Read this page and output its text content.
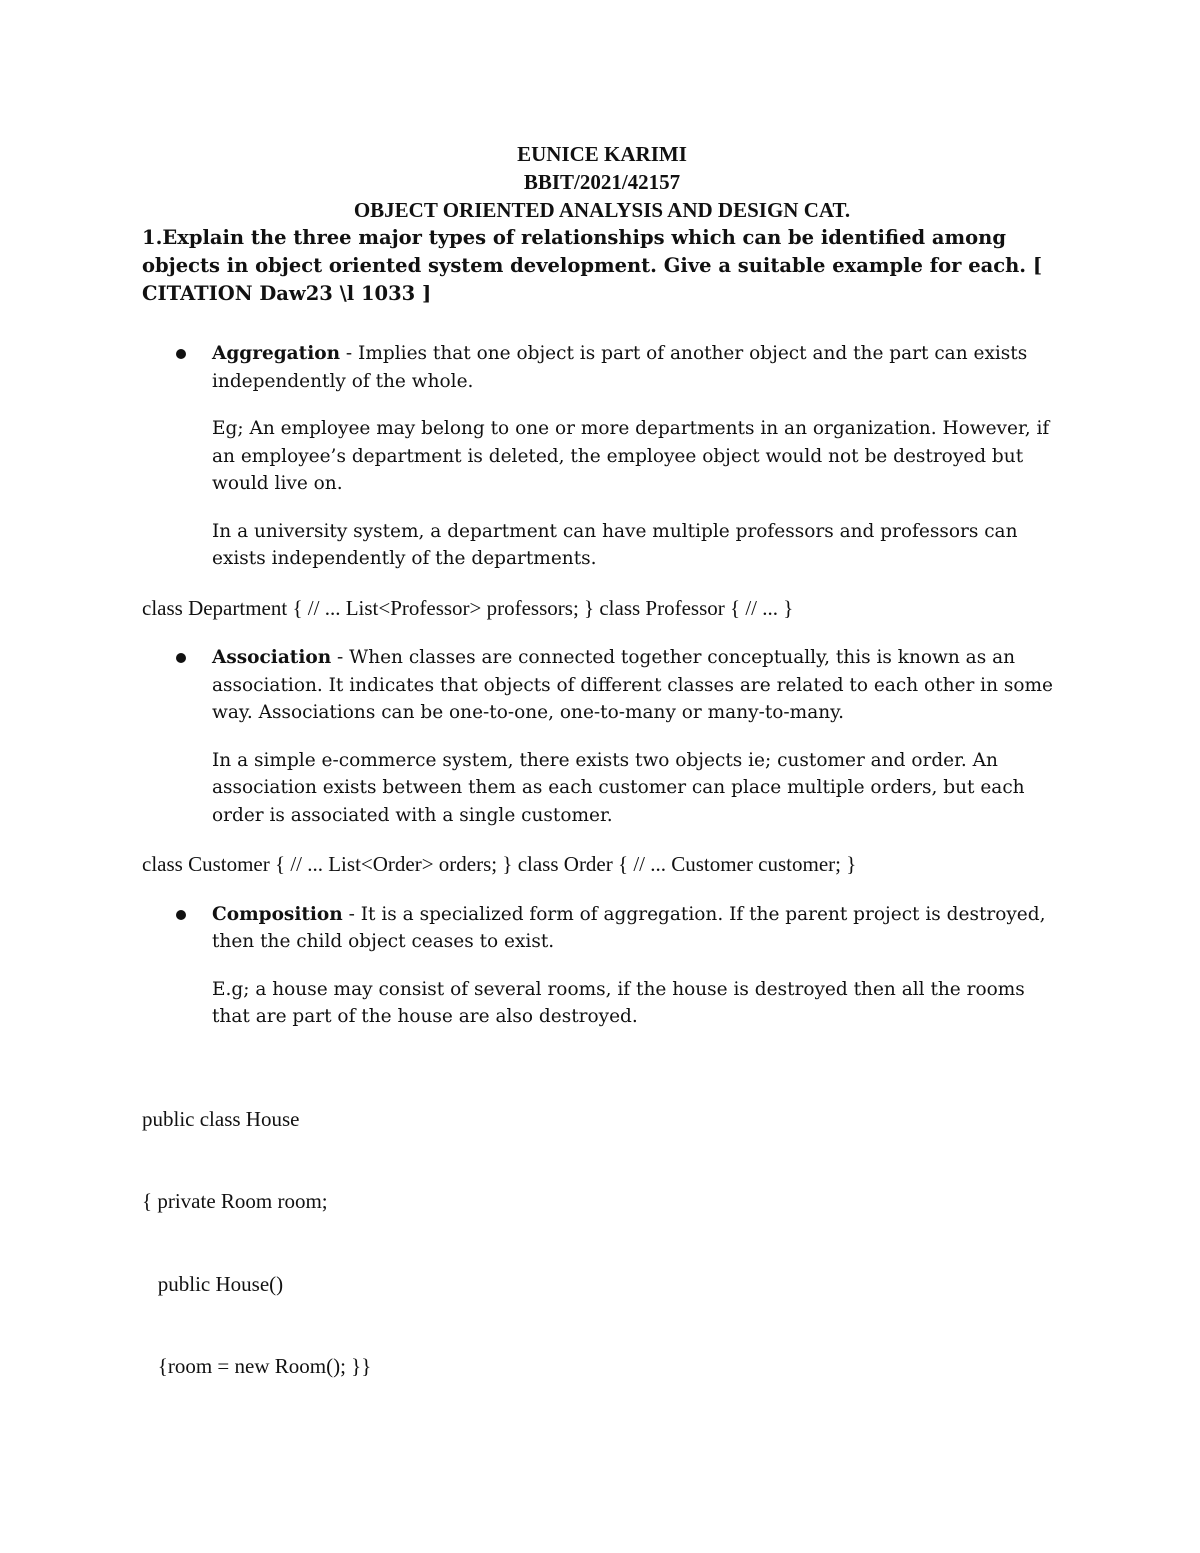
EUNICE KARIMI
BBIT/2021/42157
OBJECT ORIENTED ANALYSIS AND DESIGN CAT.

1.Explain the three major types of relationships which can be identified among objects in object oriented system development. Give a suitable example for each. [ CITATION Daw23 \l 1033 ]

Aggregation - Implies that one object is part of another object and the part can exists independently of the whole.

Eg; An employee may belong to one or more departments in an organization. However, if an employee’s department is deleted, the employee object would not be destroyed but would live on.

In a university system, a department can have multiple professors and professors can exists independently of the departments.

class Department { // ... List<Professor> professors; } class Professor { // ... }

Association - When classes are connected together conceptually, this is known as an association. It indicates that objects of different classes are related to each other in some way. Associations can be one-to-one, one-to-many or many-to-many.

In a simple e-commerce system, there exists two objects ie; customer and order. An association exists between them as each customer can place multiple orders, but each order is associated with a single customer.

class Customer { // ... List<Order> orders; } class Order { // ... Customer customer; }

Composition - It is a specialized form of aggregation. If the parent project is destroyed, then the child object ceases to exist.

E.g; a house may consist of several rooms, if the house is destroyed then all the rooms that are part of the house are also destroyed.

public class House

{ private Room room;

public House()

{room = new Room(); }}
